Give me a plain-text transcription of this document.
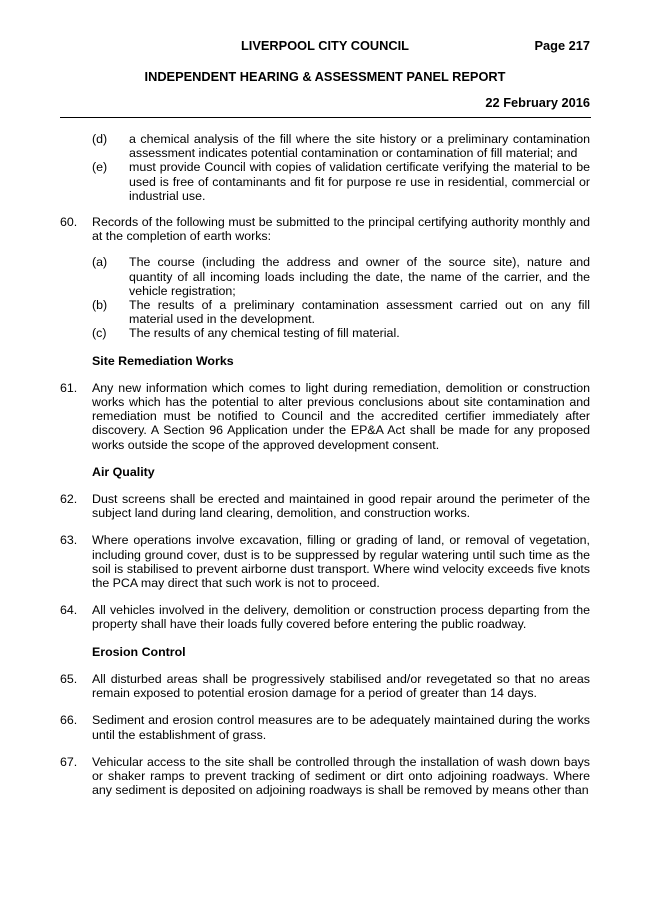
LIVERPOOL CITY COUNCIL	Page 217
INDEPENDENT HEARING & ASSESSMENT PANEL REPORT
22 February 2016
(d)	a chemical analysis of the fill where the site history or a preliminary contamination assessment indicates potential contamination or contamination of fill material; and
(e)	must provide Council with copies of validation certificate verifying the material to be used is free of contaminants and fit for purpose re use in residential, commercial or industrial use.
60.	Records of the following must be submitted to the principal certifying authority monthly and at the completion of earth works:
(a)	The course (including the address and owner of the source site), nature and quantity of all incoming loads including the date, the name of the carrier, and the vehicle registration;
(b)	The results of a preliminary contamination assessment carried out on any fill material used in the development.
(c)	The results of any chemical testing of fill material.
Site Remediation Works
61.	Any new information which comes to light during remediation, demolition or construction works which has the potential to alter previous conclusions about site contamination and remediation must be notified to Council and the accredited certifier immediately after discovery. A Section 96 Application under the EP&A Act shall be made for any proposed works outside the scope of the approved development consent.
Air Quality
62.	Dust screens shall be erected and maintained in good repair around the perimeter of the subject land during land clearing, demolition, and construction works.
63.	Where operations involve excavation, filling or grading of land, or removal of vegetation, including ground cover, dust is to be suppressed by regular watering until such time as the soil is stabilised to prevent airborne dust transport. Where wind velocity exceeds five knots the PCA may direct that such work is not to proceed.
64.	All vehicles involved in the delivery, demolition or construction process departing from the property shall have their loads fully covered before entering the public roadway.
Erosion Control
65.	All disturbed areas shall be progressively stabilised and/or revegetated so that no areas remain exposed to potential erosion damage for a period of greater than 14 days.
66.	Sediment and erosion control measures are to be adequately maintained during the works until the establishment of grass.
67.	Vehicular access to the site shall be controlled through the installation of wash down bays or shaker ramps to prevent tracking of sediment or dirt onto adjoining roadways. Where any sediment is deposited on adjoining roadways is shall be removed by means other than
